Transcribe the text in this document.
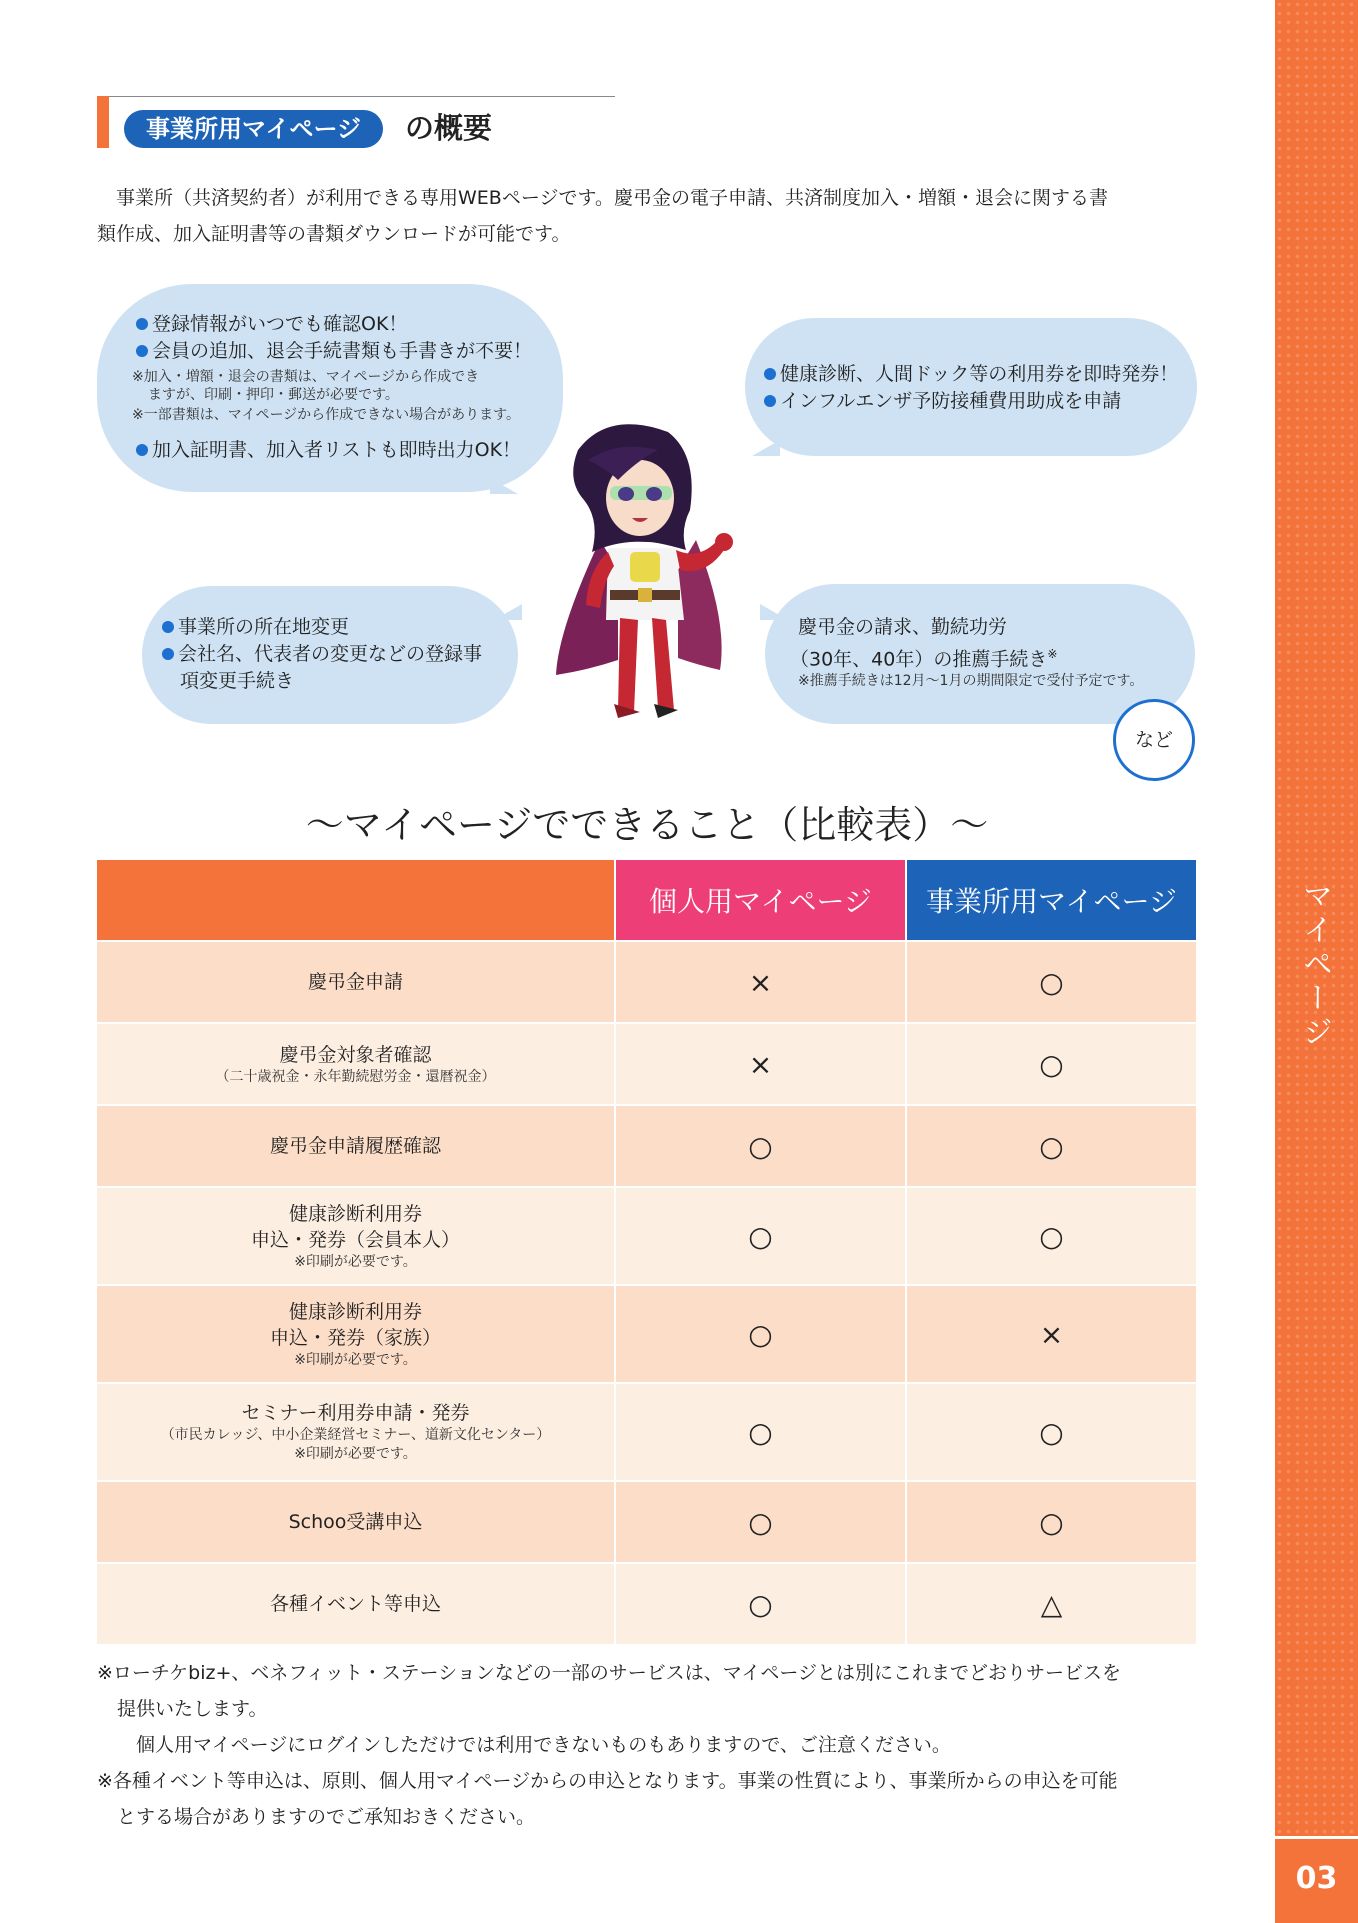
マイページ
03
事業所用マイページ	の概要
　事業所（共済契約者）が利用できる専用WEBページです。慶弔金の電子申請、共済制度加入・増額・退会に関する書
類作成、加入証明書等の書類ダウンロードが可能です。
登録情報がいつでも確認OK！
会員の追加、退会手続書類も手書きが不要！
※加入・増額・退会の書類は、マイページから作成でき
ますが、印刷・押印・郵送が必要です。
※一部書類は、マイページから作成できない場合があります。
加入証明書、加入者リストも即時出力OK！
健康診断、人間ドック等の利用券を即時発券！
インフルエンザ予防接種費用助成を申請
事業所の所在地変更
会社名、代表者の変更などの登録事
項変更手続き
慶弔金の請求、勤続功労
（30年、40年）の推薦手続き※
※推薦手続きは12月〜1月の期間限定で受付予定です。
など
〜マイページでできること（比較表）〜
	個人用マイページ	事業所用マイページ
慶弔金申請	×	○
慶弔金対象者確認
（二十歳祝金・永年勤続慰労金・還暦祝金）	×	○
慶弔金申請履歴確認	○	○
健康診断利用券
申込・発券（会員本人）
※印刷が必要です。	○	○
健康診断利用券
申込・発券（家族）
※印刷が必要です。	○	×
セミナー利用券申請・発券
（市民カレッジ、中小企業経営セミナー、道新文化センター）
※印刷が必要です。	○	○
Schoo受講申込	○	○
各種イベント等申込	○	△
※ローチケbiz+、ベネフィット・ステーションなどの一部のサービスは、マイページとは別にこれまでどおりサービスを
提供いたします。
　個人用マイページにログインしただけでは利用できないものもありますので、ご注意ください。
※各種イベント等申込は、原則、個人用マイページからの申込となります。事業の性質により、事業所からの申込を可能
とする場合がありますのでご承知おきください。
